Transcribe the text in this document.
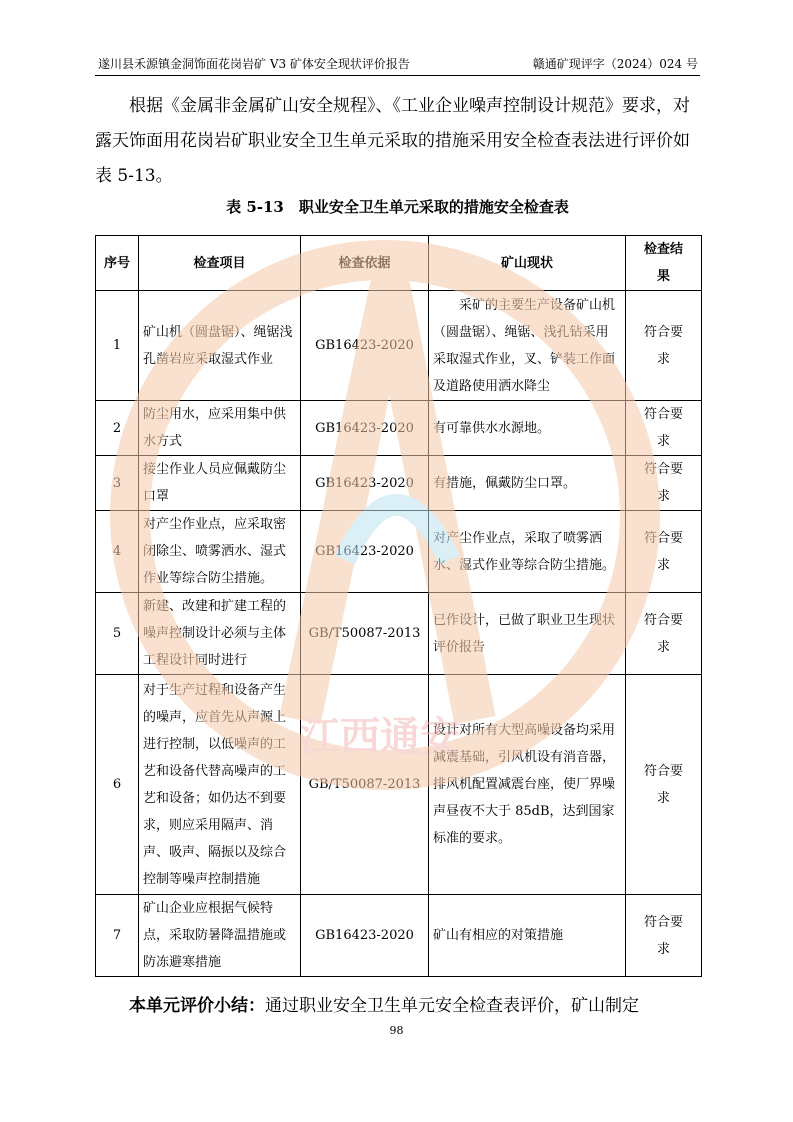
遂川县禾源镇金洞饰面花岗岩矿 V3 矿体安全现状评价报告	赣通矿现评字（2024）024 号

根据《金属非金属矿山安全规程》、《工业企业噪声控制设计规范》要求，对露天饰面用花岗岩矿职业安全卫生单元采取的措施采用安全检查表法进行评价如表 5-13。

表 5-13　职业安全卫生单元采取的措施安全检查表
序号	检查项目	检查依据	矿山现状	检查结果
1	矿山机（圆盘锯）、绳锯浅孔凿岩应采取湿式作业	GB16423-2020	采矿的主要生产设备矿山机（圆盘锯）、绳锯、浅孔钻采用采取湿式作业，叉、铲装工作面及道路使用洒水降尘	符合要求
2	防尘用水，应采用集中供水方式	GB16423-2020	有可靠供水水源地。	符合要求
3	接尘作业人员应佩戴防尘口罩	GB16423-2020	有措施，佩戴防尘口罩。	符合要求
4	对产尘作业点，应采取密闭除尘、喷雾洒水、湿式作业等综合防尘措施。	GB16423-2020	对产尘作业点，采取了喷雾洒水、湿式作业等综合防尘措施。	符合要求
5	新建、改建和扩建工程的噪声控制设计必须与主体工程设计同时进行	GB/T50087-2013	已作设计，已做了职业卫生现状评价报告	符合要求
6	对于生产过程和设备产生的噪声，应首先从声源上进行控制，以低噪声的工艺和设备代替高噪声的工艺和设备；如仍达不到要求，则应采用隔声、消声、吸声、隔振以及综合控制等噪声控制措施	GB/T50087-2013	设计对所有大型高噪设备均采用减震基础，引风机设有消音器，排风机配置减震台座，使厂界噪声昼夜不大于 85dB，达到国家标准的要求。	符合要求
7	矿山企业应根据气候特点，采取防暑降温措施或防冻避寒措施	GB16423-2020	矿山有相应的对策措施	符合要求

本单元评价小结：通过职业安全卫生单元安全检查表评价，矿山制定

98
江西通安
